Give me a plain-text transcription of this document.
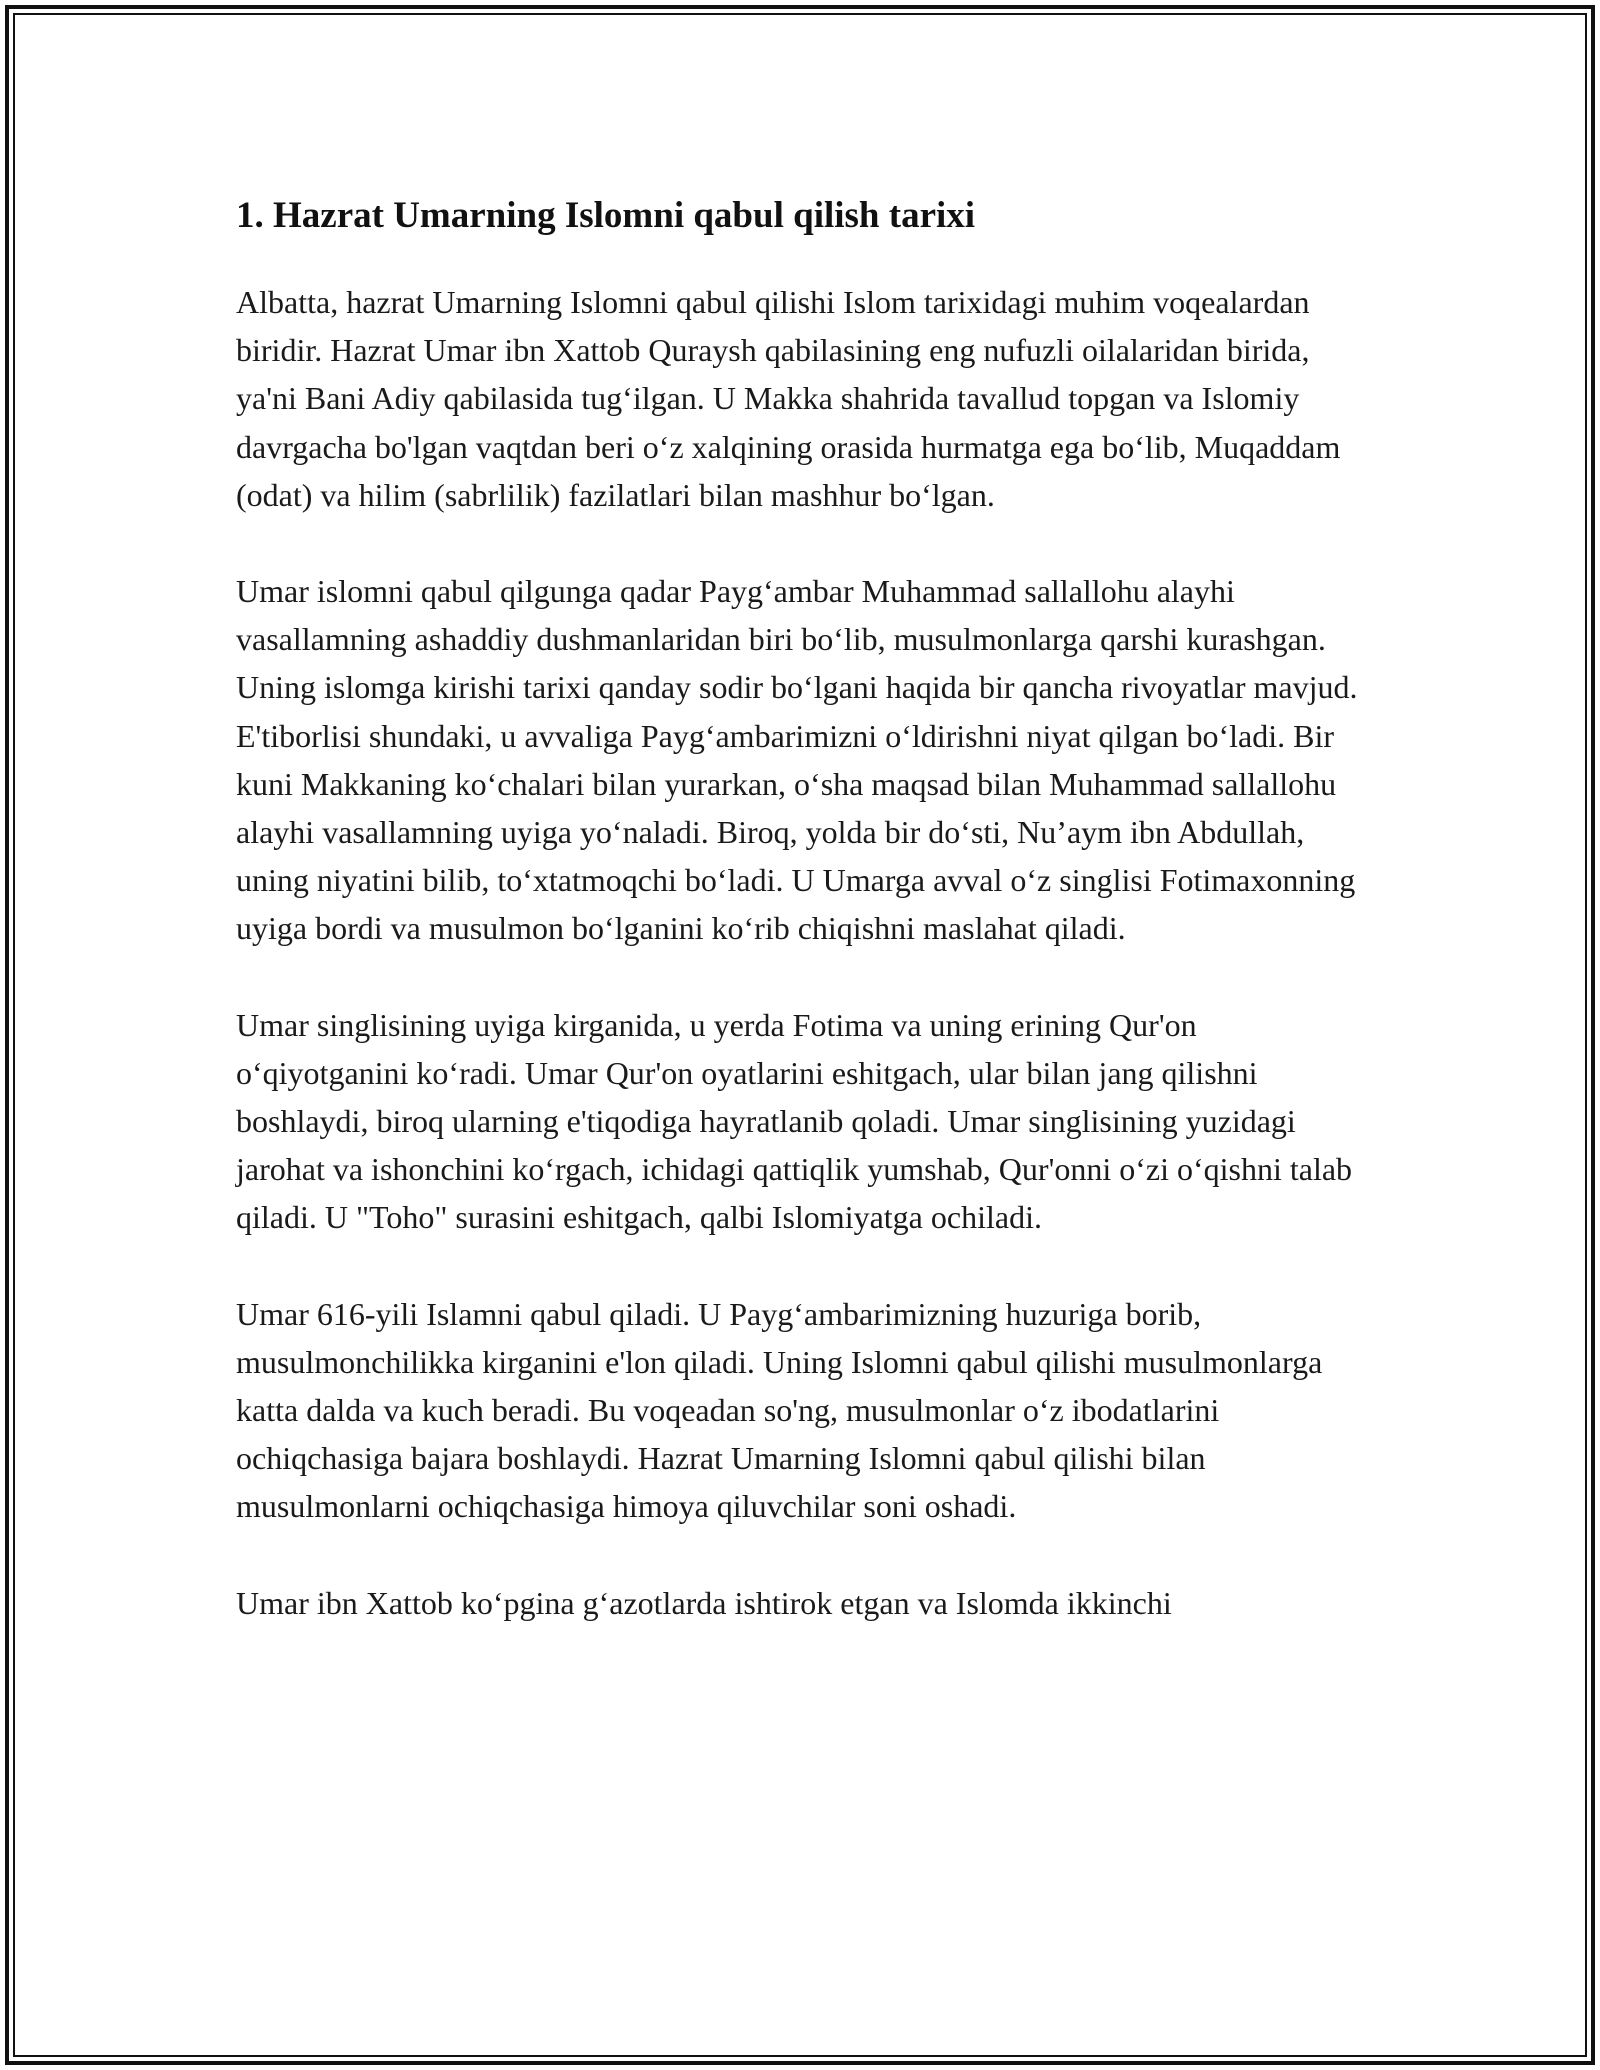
1. Hazrat Umarning Islomni qabul qilish tarixi

Albatta, hazrat Umarning Islomni qabul qilishi Islom tarixidagi muhim voqealardan biridir. Hazrat Umar ibn Xattob Quraysh qabilasining eng nufuzli oilalaridan birida, ya'ni Bani Adiy qabilasida tug‘ilgan. U Makka shahrida tavallud topgan va Islomiy davrgacha bo'lgan vaqtdan beri o‘z xalqining orasida hurmatga ega bo‘lib, Muqaddam (odat) va hilim (sabrlilik) fazilatlari bilan mashhur bo‘lgan.

Umar islomni qabul qilgunga qadar Payg‘ambar Muhammad sallallohu alayhi vasallamning ashaddiy dushmanlaridan biri bo‘lib, musulmonlarga qarshi kurashgan. Uning islomga kirishi tarixi qanday sodir bo‘lgani haqida bir qancha rivoyatlar mavjud. E'tiborlisi shundaki, u avvaliga Payg‘ambarimizni o‘ldirishni niyat qilgan bo‘ladi. Bir kuni Makkaning ko‘chalari bilan yurarkan, o‘sha maqsad bilan Muhammad sallallohu alayhi vasallamning uyiga yo‘naladi. Biroq, yolda bir do‘sti, Nu’aym ibn Abdullah, uning niyatini bilib, to‘xtatmoqchi bo‘ladi. U Umarga avval o‘z singlisi Fotimaxonning uyiga bordi va musulmon bo‘lganini ko‘rib chiqishni maslahat qiladi.

Umar singlisining uyiga kirganida, u yerda Fotima va uning erining Qur'on o‘qiyotganini ko‘radi. Umar Qur'on oyatlarini eshitgach, ular bilan jang qilishni boshlaydi, biroq ularning e'tiqodiga hayratlanib qoladi. Umar singlisining yuzidagi jarohat va ishonchini ko‘rgach, ichidagi qattiqlik yumshab, Qur'onni o‘zi o‘qishni talab qiladi. U "Toho" surasini eshitgach, qalbi Islomiyatga ochiladi.

Umar 616-yili Islamni qabul qiladi. U Payg‘ambarimizning huzuriga borib, musulmonchilikka kirganini e'lon qiladi. Uning Islomni qabul qilishi musulmonlarga katta dalda va kuch beradi. Bu voqeadan so'ng, musulmonlar o‘z ibodatlarini ochiqchasiga bajara boshlaydi. Hazrat Umarning Islomni qabul qilishi bilan musulmonlarni ochiqchasiga himoya qiluvchilar soni oshadi.

Umar ibn Xattob ko‘pgina g‘azotlarda ishtirok etgan va Islomda ikkinchi
